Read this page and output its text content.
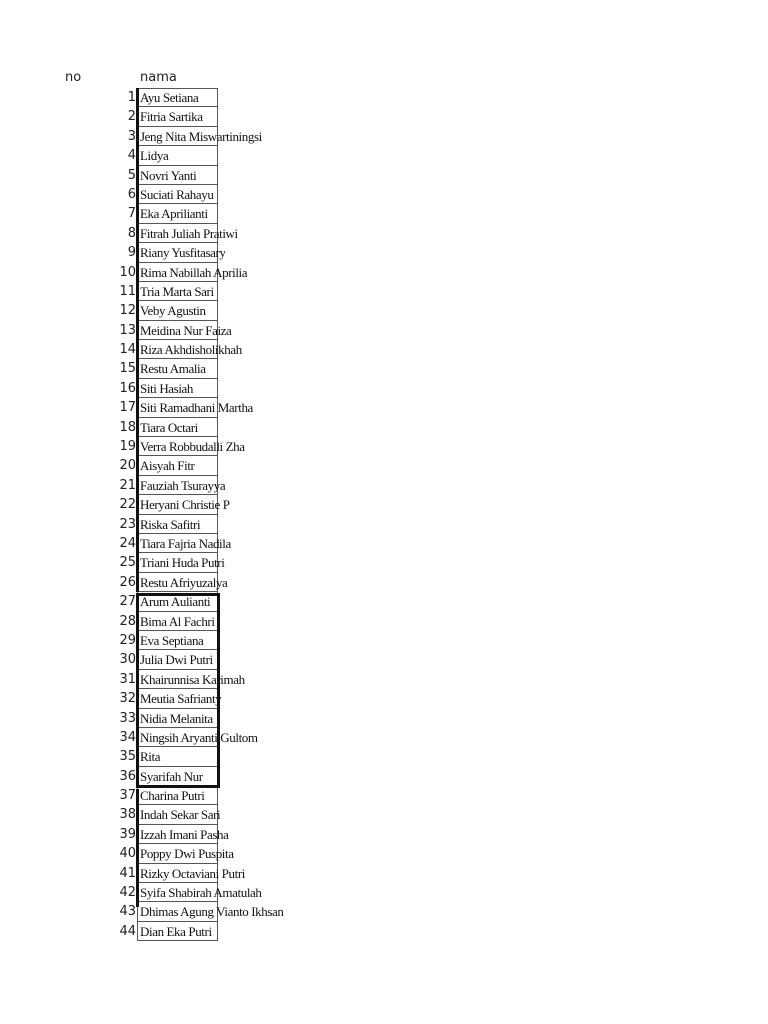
no	nama
1 Ayu Setiana
2 Fitria Sartika
3 Jeng Nita Miswartiningsi
4 Lidya
5 Novri Yanti
6 Suciati Rahayu
7 Eka Aprilianti
8 Fitrah Juliah Pratiwi
9 Riany Yusfitasary
10 Rima Nabillah Aprilia
11 Tria Marta Sari
12 Veby Agustin
13 Meidina Nur Faiza
14 Riza Akhdisholikhah
15 Restu Amalia
16 Siti Hasiah
17 Siti Ramadhani Martha
18 Tiara Octari
19 Verra Robbudalli Zha
20 Aisyah Fitr
21 Fauziah Tsurayya
22 Heryani Christie P
23 Riska Safitri
24 Tiara Fajria Nadila
25 Triani Huda Putri
26 Restu Afriyuzalya
27 Arum Aulianti
28 Bima Al Fachri
29 Eva Septiana
30 Julia Dwi Putri
31 Khairunnisa Karimah
32 Meutia Safrianty
33 Nidia Melanita
34 Ningsih Aryanti Gultom
35 Rita
36 Syarifah Nur
37 Charina Putri
38 Indah Sekar Sari
39 Izzah Imani Pasha
40 Poppy Dwi Puspita
41 Rizky Octaviani Putri
42 Syifa Shabirah Amatulah
43 Dhimas Agung Vianto Ikhsan
44 Dian Eka Putri
